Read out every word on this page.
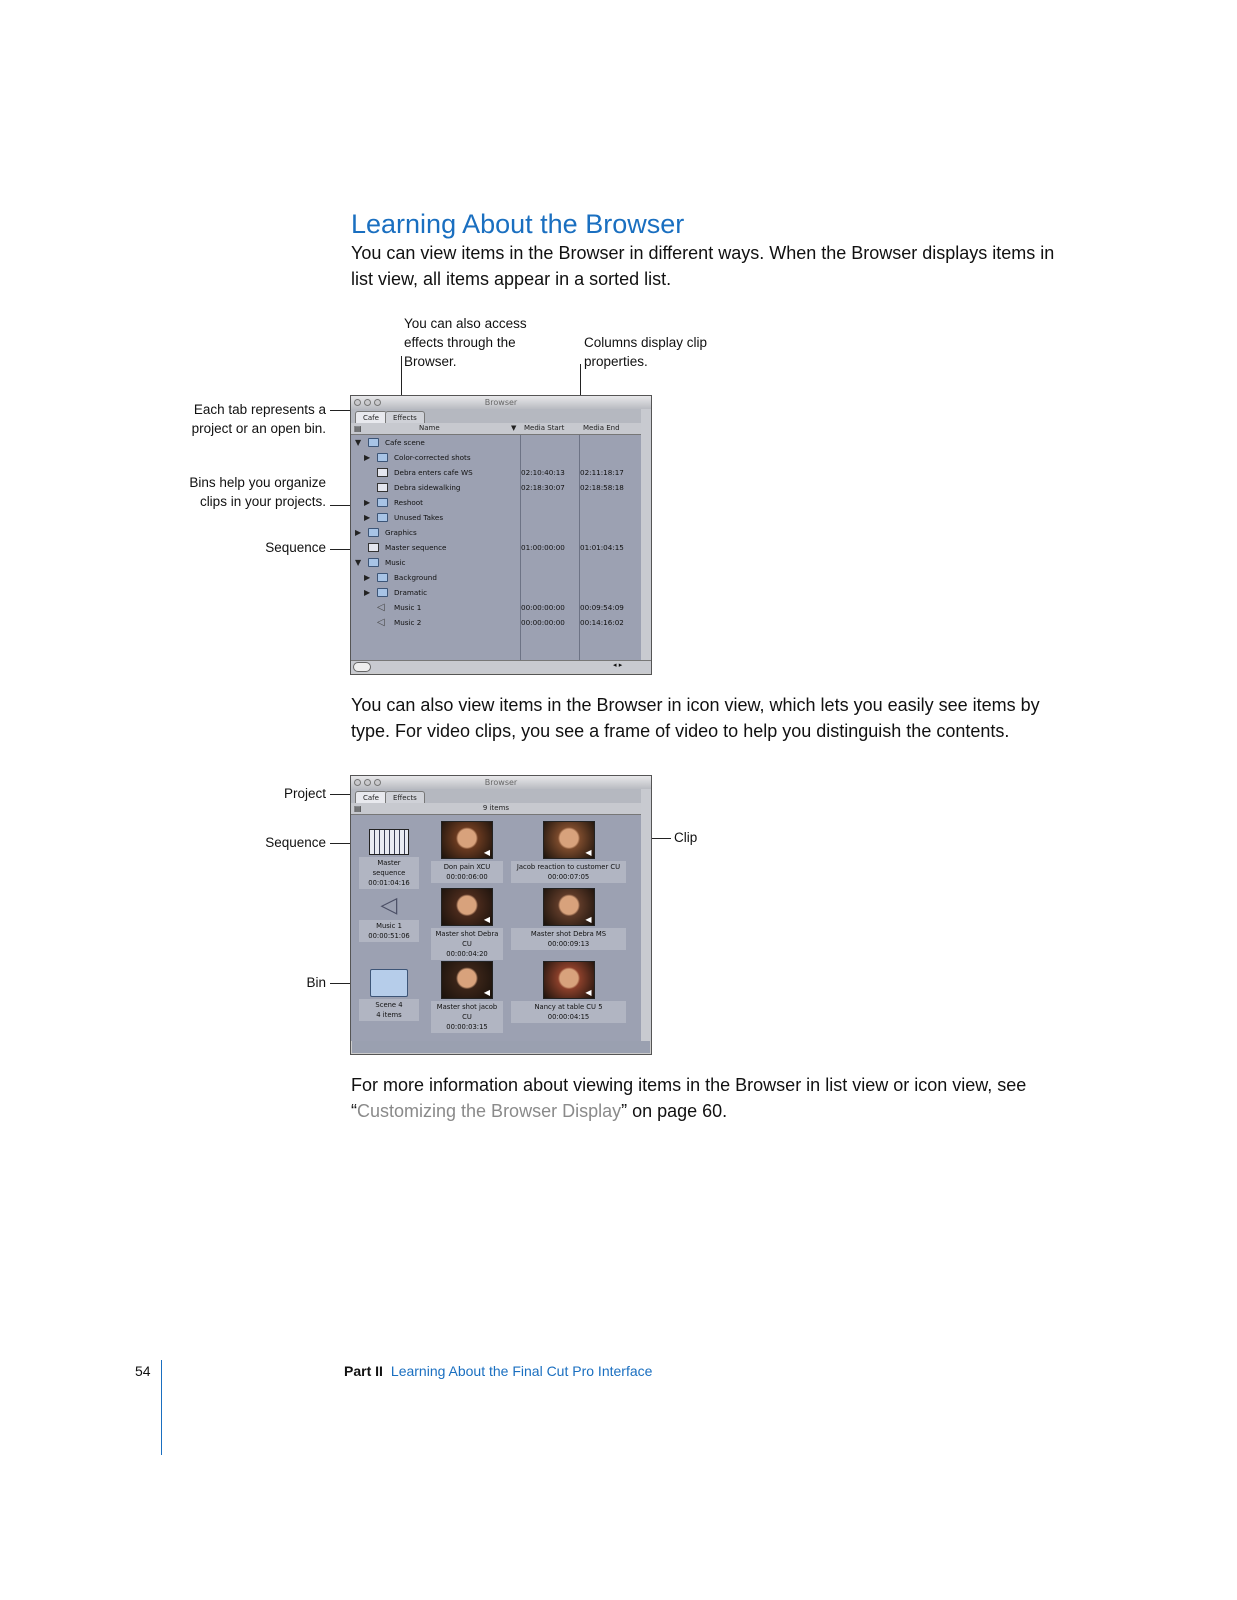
Learning About the Browser

You can view items in the Browser in different ways. When the Browser displays items in list view, all items appear in a sorted list.

You can also access effects through the Browser.
Columns display clip properties.
Each tab represents a project or an open bin.
Bins help you organize clips in your projects.
Sequence
Browser
Cafe	Effects
▤	Name	▼ Media Start	Media End
▼	Cafe scene
▶	Color-corrected shots
Debra enters cafe WS	02:10:40:13 02:11:18:17
Debra sidewalking	02:18:30:07 02:18:58:18
▶	Reshoot
▶	Unused Takes
▶	Graphics
Master sequence	01:00:00:00 01:01:04:15
▼	Music
▶	Background
▶	Dramatic
◁	Music 1	00:00:00:00 00:09:54:09
◁	Music 2	00:00:00:00 00:14:16:02
◂ ▸

You can also view items in the Browser in icon view, which lets you easily see items by type. For video clips, you see a frame of video to help you distinguish the contents.

Project
Sequence
Bin
Clip
Browser
Cafe	Effects
▤	9 items
Master sequence
00:01:04:16
◀
Don pain XCU
00:00:06:00
◀
Jacob reaction to customer CU
00:00:07:05
◁
Music 1
00:00:51:06
◀
Master shot Debra CU
00:00:04:20
◀
Master shot Debra MS
00:00:09:13
Scene 4
4 items
◀
Master shot jacob CU
00:00:03:15
◀
Nancy at table CU 5
00:00:04:15

For more information about viewing items in the Browser in list view or icon view, see “Customizing the Browser Display” on page 60.

54	Part II Learning About the Final Cut Pro Interface
